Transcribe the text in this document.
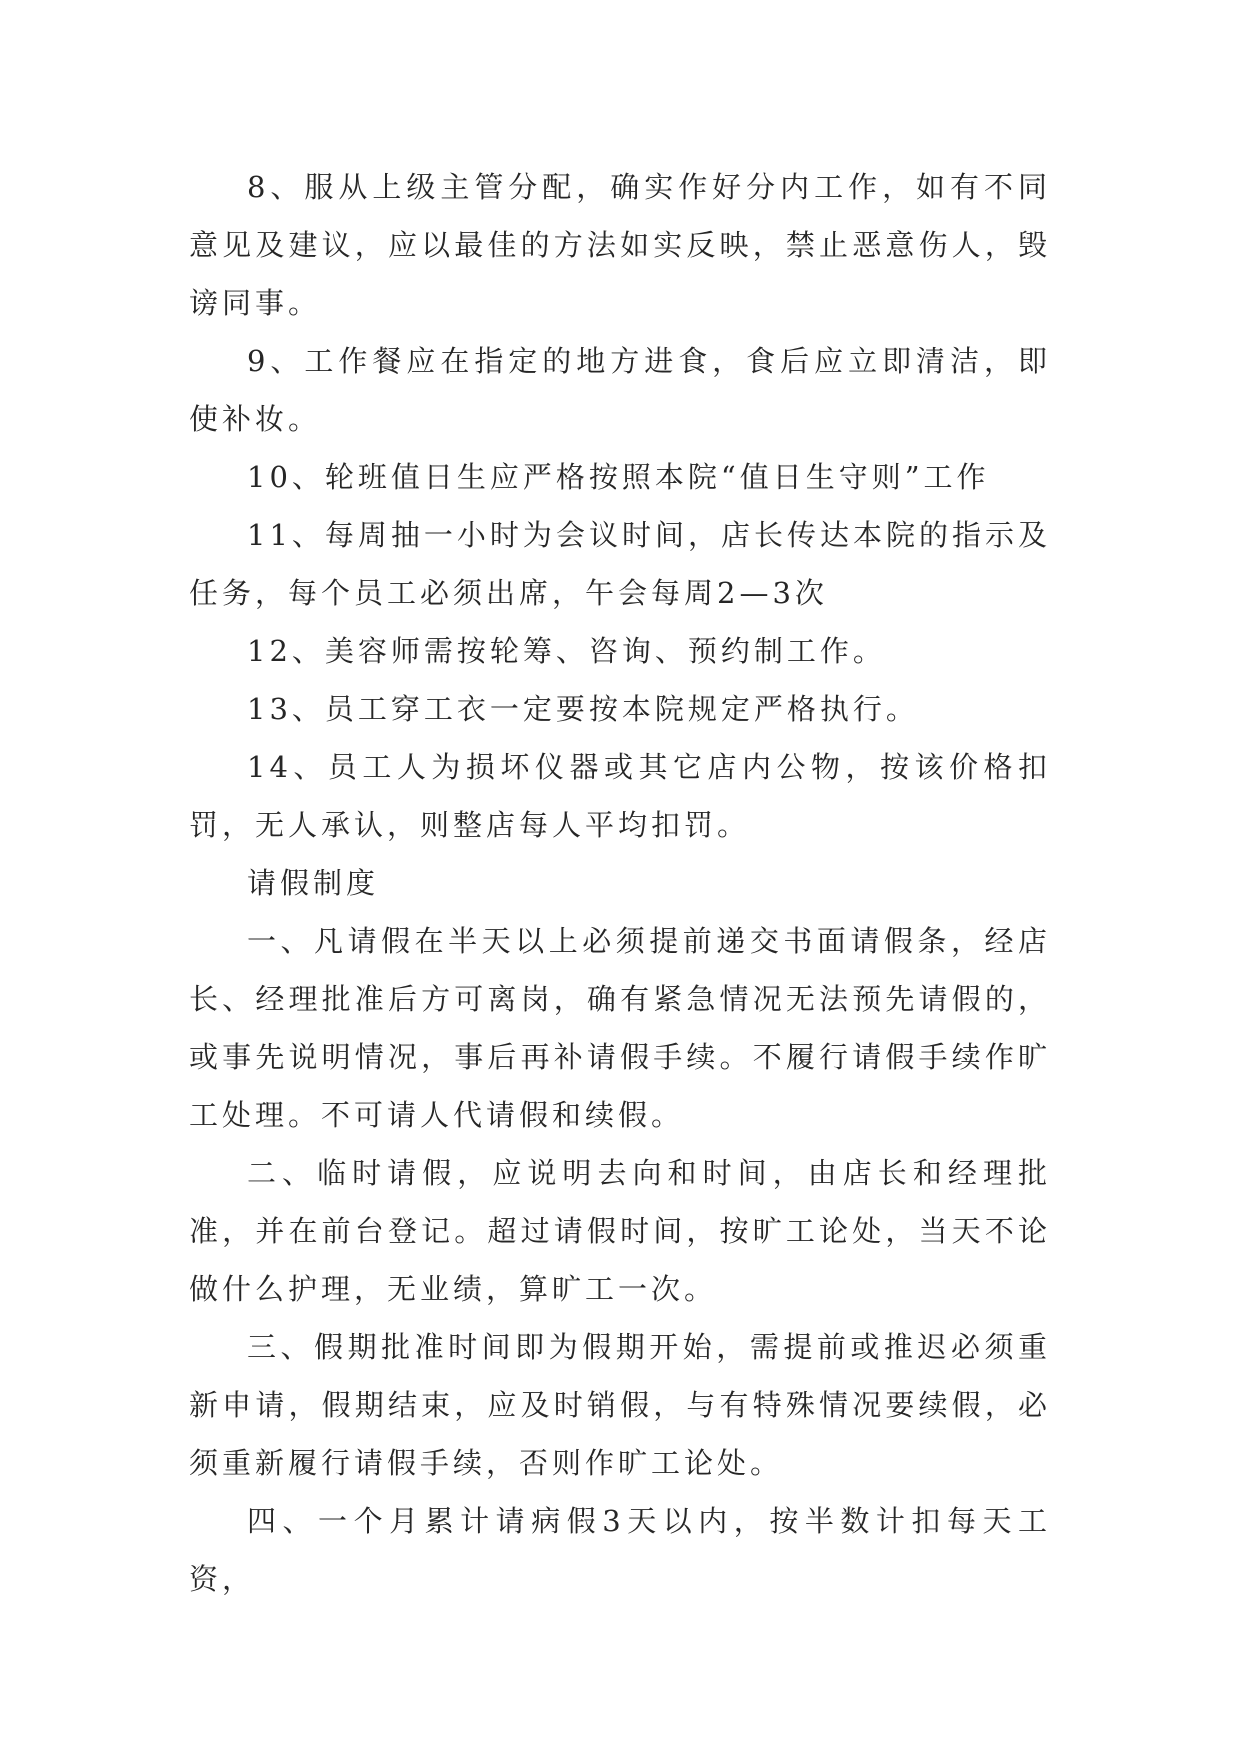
8、服从上级主管分配，确实作好分内工作，如有不同意见及建议，应以最佳的方法如实反映，禁止恶意伤人，毁谤同事。

9、工作餐应在指定的地方进食，食后应立即清洁，即使补妆。

10、轮班值日生应严格按照本院“值日生守则”工作

11、每周抽一小时为会议时间，店长传达本院的指示及任务，每个员工必须出席，午会每周2—3次

12、美容师需按轮筹、咨询、预约制工作。

13、员工穿工衣一定要按本院规定严格执行。

14、员工人为损坏仪器或其它店内公物，按该价格扣罚，无人承认，则整店每人平均扣罚。

请假制度

一、凡请假在半天以上必须提前递交书面请假条，经店长、经理批准后方可离岗，确有紧急情况无法预先请假的，或事先说明情况，事后再补请假手续。不履行请假手续作旷工处理。不可请人代请假和续假。

二、临时请假，应说明去向和时间，由店长和经理批准，并在前台登记。超过请假时间，按旷工论处，当天不论做什么护理，无业绩，算旷工一次。

三、假期批准时间即为假期开始，需提前或推迟必须重新申请，假期结束，应及时销假，与有特殊情况要续假，必须重新履行请假手续，否则作旷工论处。

四、一个月累计请病假3天以内，按半数计扣每天工资，
